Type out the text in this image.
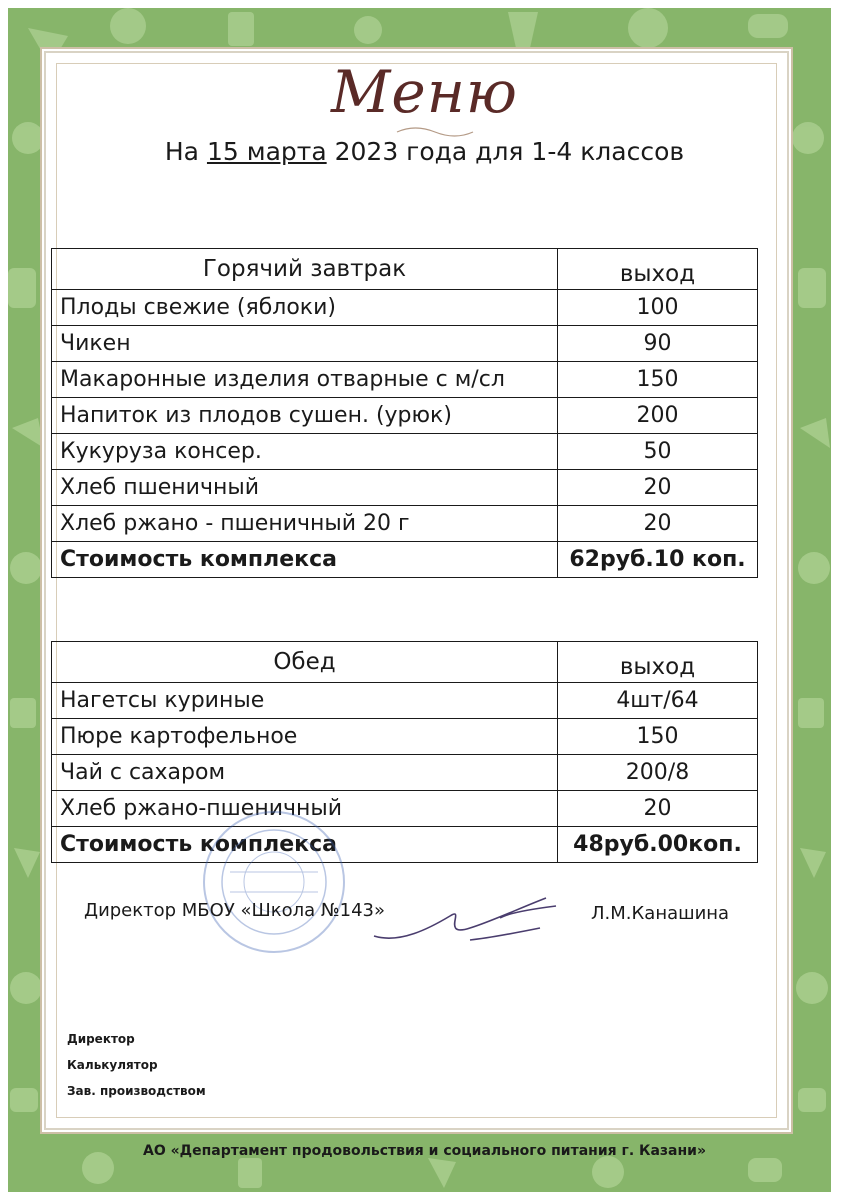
Меню
На 15 марта 2023 года для 1-4 классов
Горячий завтрак	выход
Плоды свежие (яблоки)	100
Чикен	90
Макаронные изделия отварные с м/сл	150
Напиток из плодов сушен. (урюк)	200
Кукуруза консер.	50
Хлеб пшеничный	20
Хлеб ржано - пшеничный 20 г	20
Стоимость комплекса	62руб.10 коп.
Обед	выход
Нагетсы куриные	4шт/64
Пюре картофельное	150
Чай с сахаром	200/8
Хлеб ржано-пшеничный	20
Стоимость комплекса	48руб.00коп.
Директор МБОУ «Школа №143»	Л.М.Канашина
Директор
Калькулятор
Зав. производством
АО «Департамент продовольствия и социального питания г. Казани»
